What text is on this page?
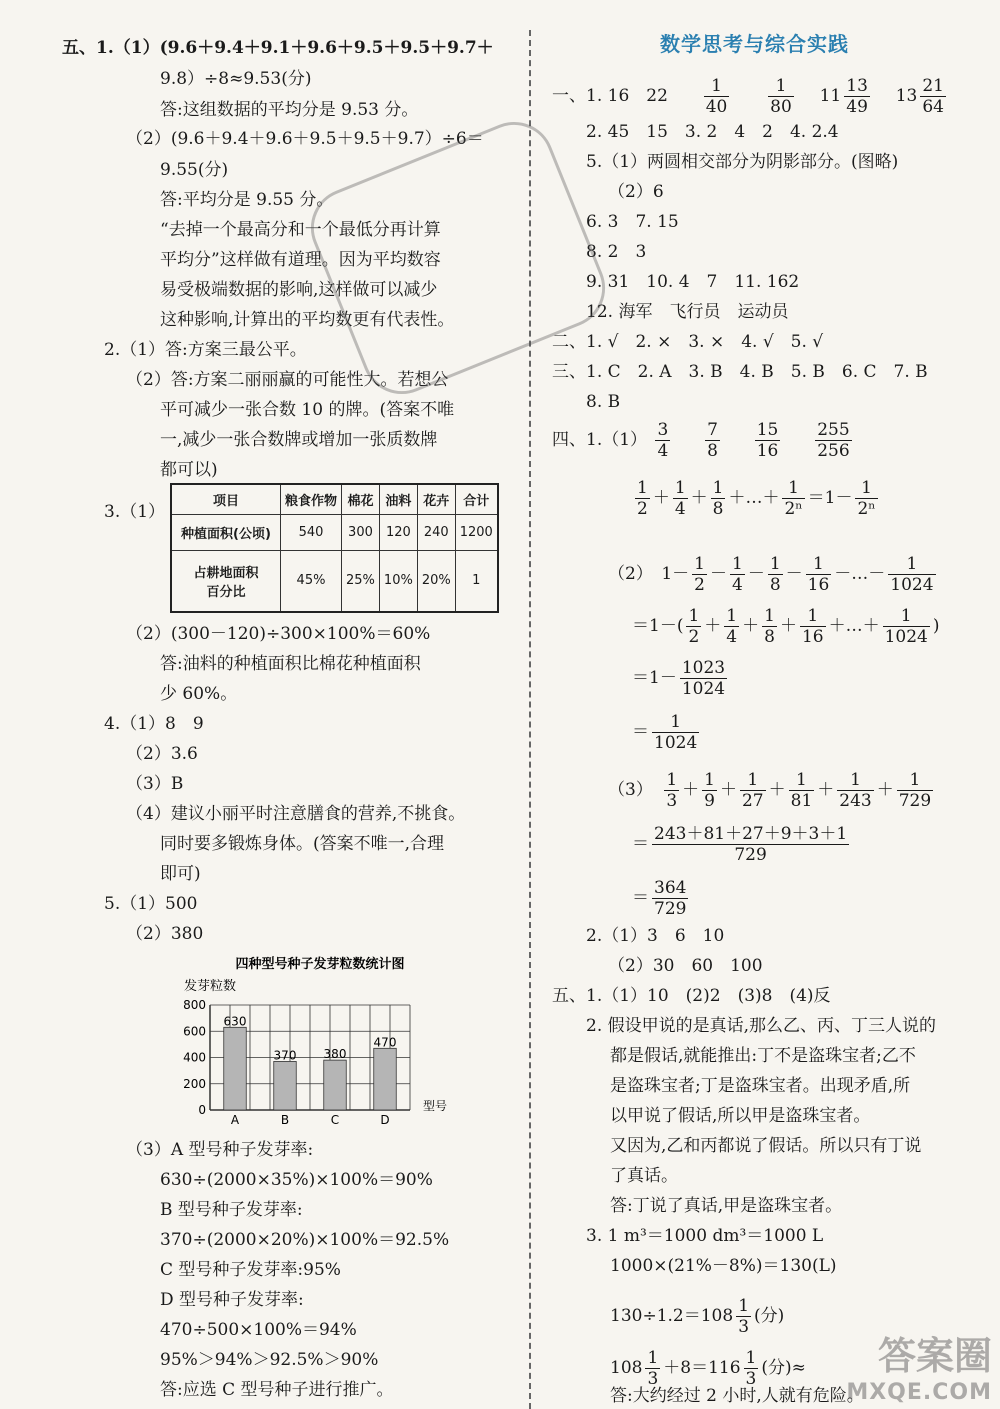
五、1.（1）(9.6＋9.4＋9.1＋9.6＋9.5＋9.5＋9.7＋
9.8）÷8≈9.53(分)
答:这组数据的平均分是 9.53 分。
（2）(9.6＋9.4＋9.6＋9.5＋9.5＋9.7）÷6＝
9.55(分)
答:平均分是 9.55 分。
“去掉一个最高分和一个最低分再计算
平均分”这样做有道理。因为平均数容
易受极端数据的影响,这样做可以减少
这种影响,计算出的平均数更有代表性。
2.（1）答:方案三最公平。
（2）答:方案二丽丽赢的可能性大。若想公
平可减少一张合数 10 的牌。(答案不唯
一,减少一张合数牌或增加一张质数牌
都可以)
3.（1）
项目	粮食作物	棉花	油料	花卉	合计
种植面积(公顷)	540	300	120	240	1200
占耕地面积
百分比	45%	25%	10%	20%	1
（2）(300－120)÷300×100%＝60%
答:油料的种植面积比棉花种植面积
少 60%。
4.（1）8　9
（2）3.6
（3）B
（4）建议小丽平时注意膳食的营养,不挑食。
同时要多锻炼身体。(答案不唯一,合理
即可)
5.（1）500
（2）380
四种型号种子发芽粒数统计图
发芽粒数
型号
0
200
400
600
800
630
A
370
B
380
C
470
D
（3）A 型号种子发芽率:
630÷(2000×35%)×100%＝90%
B 型号种子发芽率:
370÷(2000×20%)×100%＝92.5%
C 型号种子发芽率:95%
D 型号种子发芽率:
470÷500×100%＝94%
95%＞94%＞92.5%＞90%
答:应选 C 型号种子进行推广。
数学思考与综合实践
一、1. 16　$22 \frac{1}{40}$
$\frac{1}{80} 11 \frac{13}{49} 13 \frac{21}{64}$
2. 45　15　3. 2　4　2　4. 2.4
5.（1）两圆相交部分为阴影部分。(图略)
（2）6
6. 3　7. 15
8. 2　3
9. 31　10. 4　7　11. 162
12. 海军　飞行员　运动员
二、1. √　2. ×　3. ×　4. √　5. √
三、1. C　2. A　3. B　4. B　5. B　6. C　7. B
8. B
四、$1.(1) \frac{3}{4}$
$\frac{7}{8}$
$\frac{15}{16}$
$\frac{255}{256}$
$\frac{1}{2} + \frac{1}{4} + \frac{1}{8}$ ＋…＋ $\frac{1}{\text{2ⁿ}} =1- \frac{1}{\text{2ⁿ}}$
（2）　$1- \frac{1}{2} - \frac{1}{4} - \frac{1}{8} - \frac{1}{16}$ －…－ $\frac{1}{1024}$
$=1-( \frac{1}{2} + \frac{1}{4} + \frac{1}{8} + \frac{1}{16}$ ＋…＋ $\frac{1}{1024}$ )
$=1- \frac{1023}{1024}$
＝ $\frac{1}{1024}$
（3）　 $\frac{1}{3} + \frac{1}{9} + \frac{1}{27} + \frac{1}{81} + \frac{1}{243} + \frac{1}{729}$
＝ $\frac{243+81+27+9+3+1}{729}$
＝ $\frac{364}{729}$
2.（1）3　6　10
（2）30　60　100
五、1.（1）10　(2)2　(3)8　(4)反
2. 假设甲说的是真话,那么乙、丙、丁三人说的
都是假话,就能推出:丁不是盗珠宝者;乙不
是盗珠宝者;丁是盗珠宝者。出现矛盾,所
以甲说了假话,所以甲是盗珠宝者。
又因为,乙和丙都说了假话。所以只有丁说
了真话。
答:丁说了真话,甲是盗珠宝者。
3. 1 m³＝1000 dm³＝1000 L
1000×(21%－8%)＝130(L)
$130\div 1.2=108 \frac{1}{3}$ (分)
$108 \frac{1}{3} +8=116 \frac{1}{3}$ (分)≈
答:大约经过 2 小时,人就有危险。
答案圈
MXQE.COM
